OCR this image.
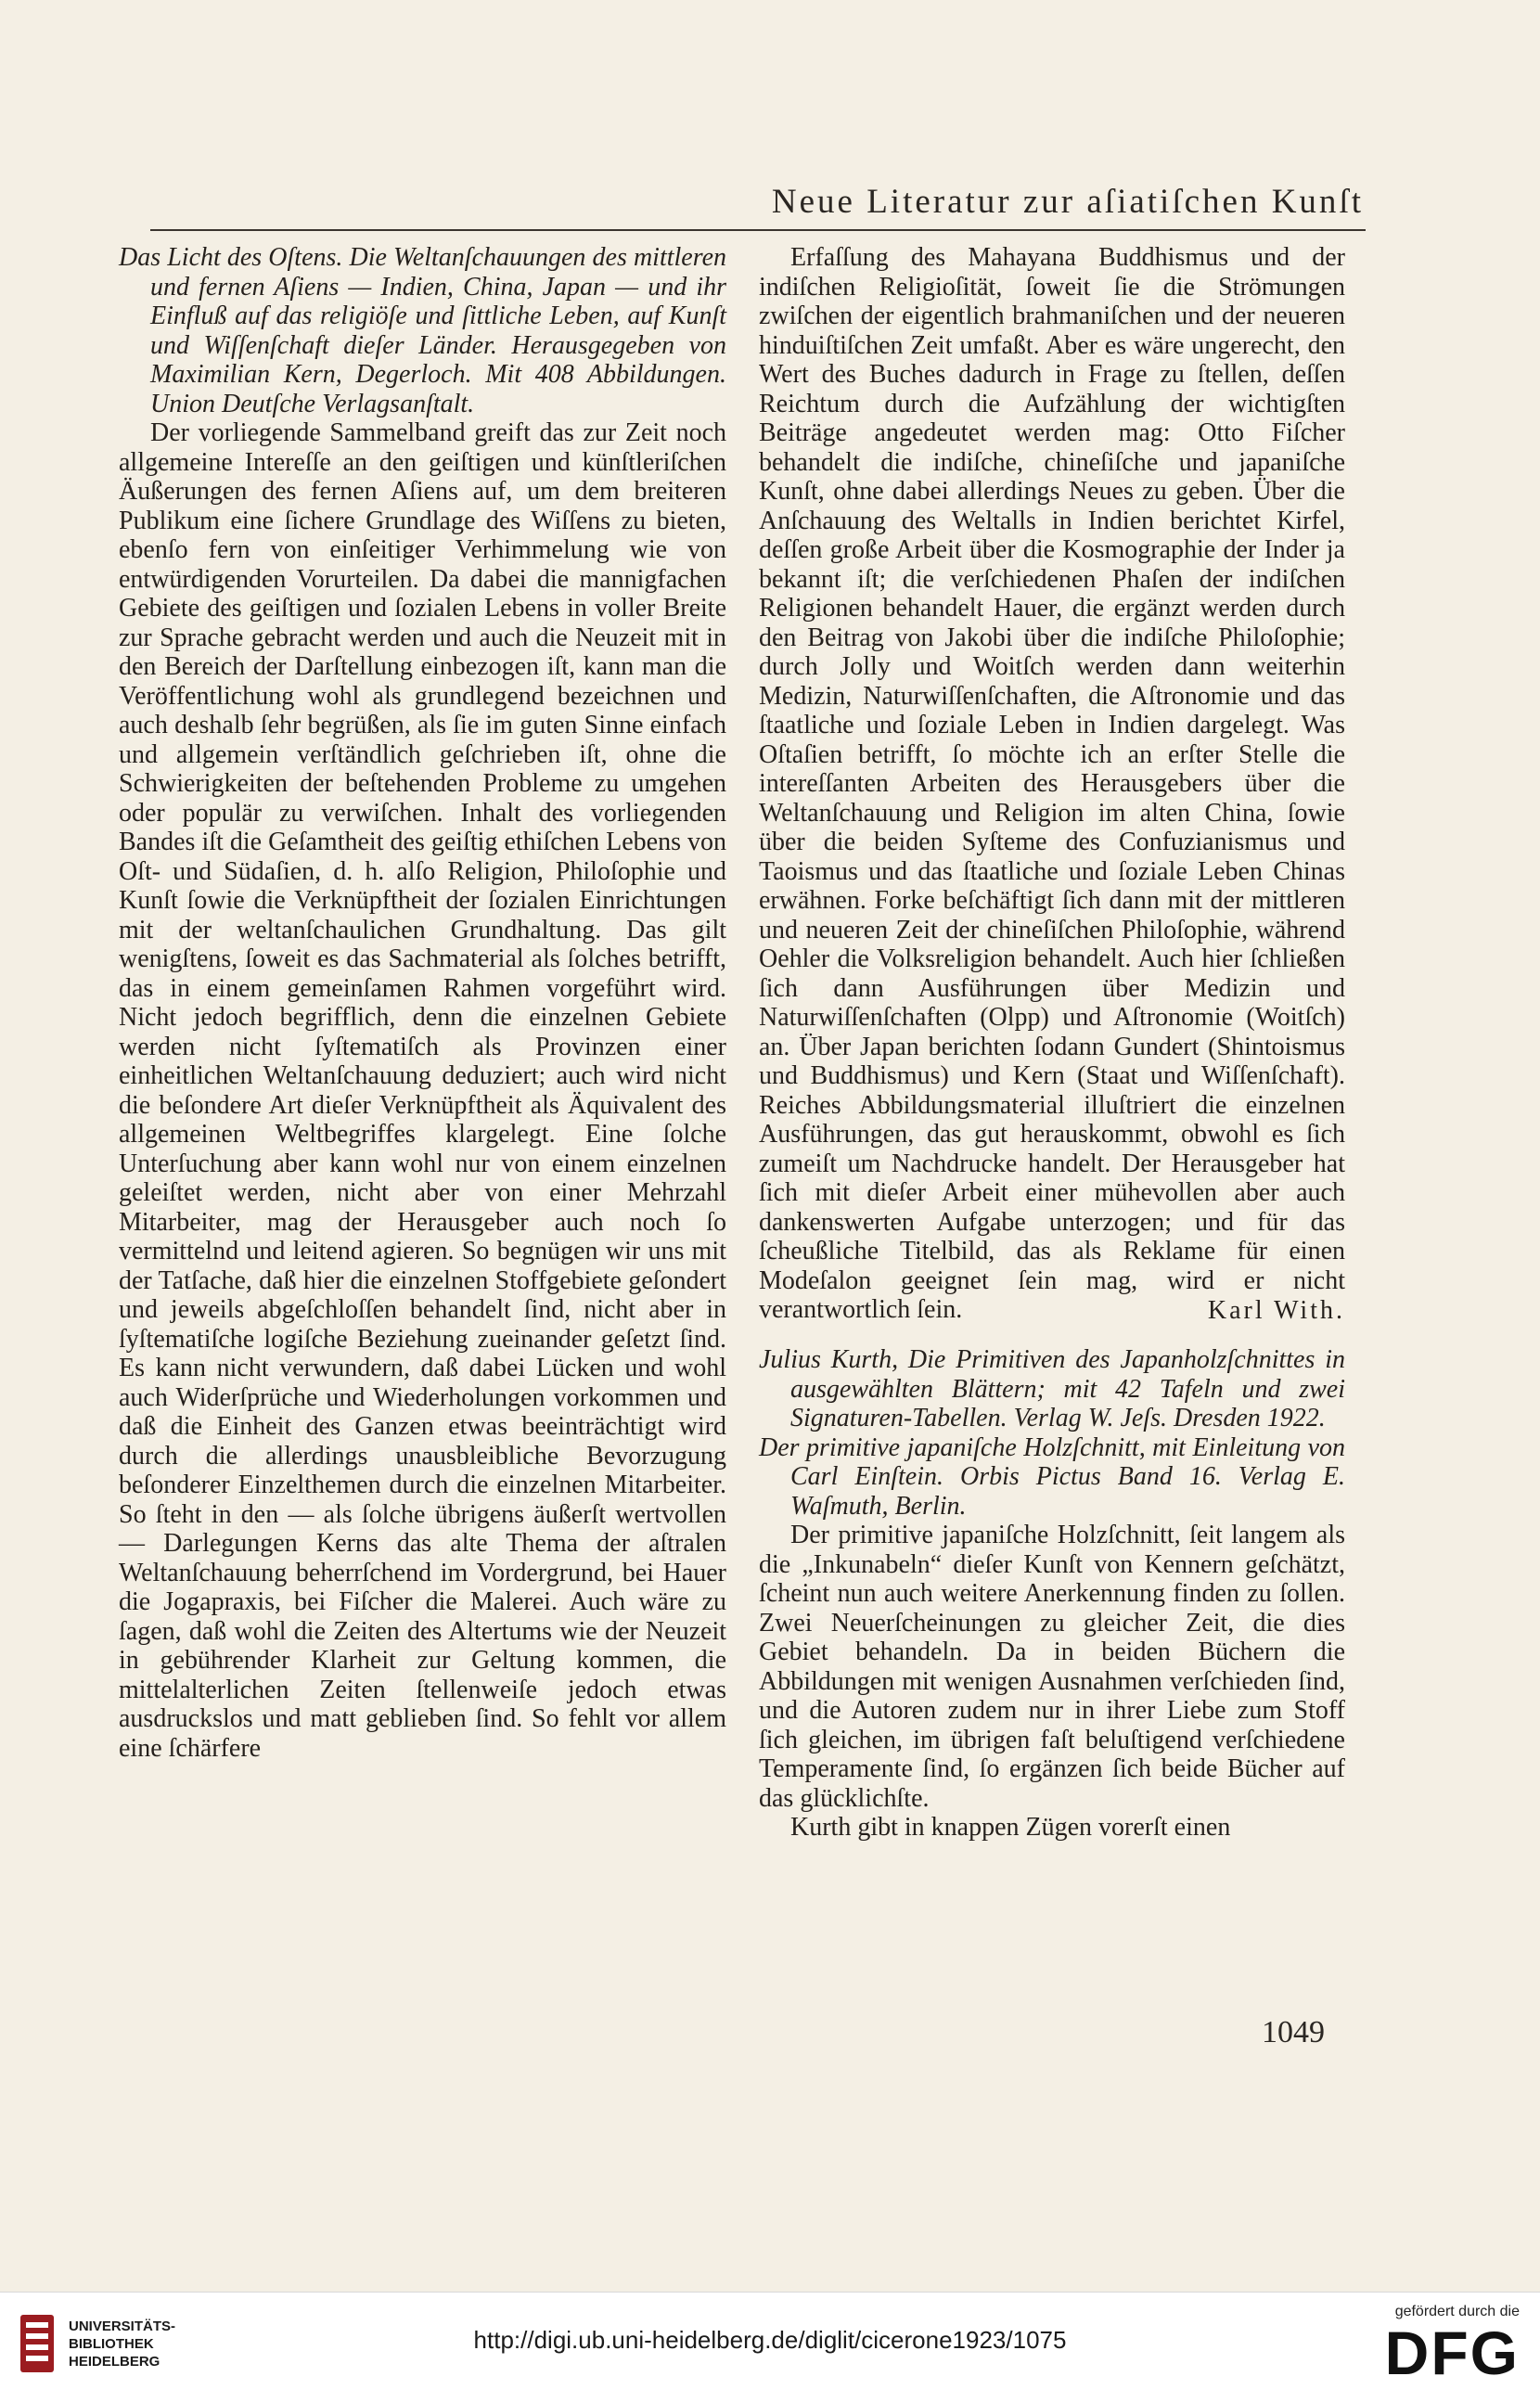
Neue Literatur zur aſiatiſchen Kunſt

Das Licht des Oſtens. Die Weltanſchauungen des mittleren und fernen Aſiens — Indien, China, Japan — und ihr Einfluß auf das religiöſe und ſittliche Leben, auf Kunſt und Wiſſenſchaft dieſer Länder. Herausgegeben von Maximilian Kern, Degerloch. Mit 408 Abbildungen. Union Deutſche Verlagsanſtalt.

Der vorliegende Sammelband greift das zur Zeit noch allgemeine Intereſſe an den geiſtigen und künſtleriſchen Äußerungen des fernen Aſiens auf, um dem breiteren Publikum eine ſichere Grundlage des Wiſſens zu bieten, ebenſo fern von einſeitiger Verhimmelung wie von entwürdigenden Vorurteilen. Da dabei die mannigfachen Gebiete des geiſtigen und ſozialen Lebens in voller Breite zur Sprache gebracht werden und auch die Neuzeit mit in den Bereich der Darſtellung einbezogen iſt, kann man die Veröffentlichung wohl als grundlegend bezeichnen und auch deshalb ſehr begrüßen, als ſie im guten Sinne einfach und allgemein verſtändlich geſchrieben iſt, ohne die Schwierigkeiten der beſtehenden Probleme zu umgehen oder populär zu verwiſchen. Inhalt des vorliegenden Bandes iſt die Geſamtheit des geiſtig ethiſchen Lebens von Oſt- und Südaſien, d. h. alſo Religion, Philoſophie und Kunſt ſowie die Verknüpftheit der ſozialen Einrichtungen mit der weltanſchaulichen Grundhaltung. Das gilt wenigſtens, ſoweit es das Sachmaterial als ſolches betrifft, das in einem gemeinſamen Rahmen vorgeführt wird. Nicht jedoch begrifflich, denn die einzelnen Gebiete werden nicht ſyſtematiſch als Provinzen einer einheitlichen Weltanſchauung deduziert; auch wird nicht die beſondere Art dieſer Verknüpftheit als Äquivalent des allgemeinen Weltbegriffes klargelegt. Eine ſolche Unterſuchung aber kann wohl nur von einem einzelnen geleiſtet werden, nicht aber von einer Mehrzahl Mitarbeiter, mag der Herausgeber auch noch ſo vermittelnd und leitend agieren. So begnügen wir uns mit der Tatſache, daß hier die einzelnen Stoffgebiete geſondert und jeweils abgeſchloſſen behandelt ſind, nicht aber in ſyſtematiſche logiſche Beziehung zueinander geſetzt ſind. Es kann nicht verwundern, daß dabei Lücken und wohl auch Widerſprüche und Wiederholungen vorkommen und daß die Einheit des Ganzen etwas beeinträchtigt wird durch die allerdings unausbleibliche Bevorzugung beſonderer Einzelthemen durch die einzelnen Mitarbeiter. So ſteht in den — als ſolche übrigens äußerſt wertvollen — Darlegungen Kerns das alte Thema der aſtralen Weltanſchauung beherrſchend im Vordergrund, bei Hauer die Jogapraxis, bei Fiſcher die Malerei. Auch wäre zu ſagen, daß wohl die Zeiten des Altertums wie der Neuzeit in gebührender Klarheit zur Geltung kommen, die mittelalterlichen Zeiten ſtellenweiſe jedoch etwas ausdruckslos und matt geblieben ſind. So fehlt vor allem eine ſchärfere

Erfaſſung des Mahayana Buddhismus und der indiſchen Religioſität, ſoweit ſie die Strömungen zwiſchen der eigentlich brahmaniſchen und der neueren hinduiſtiſchen Zeit umfaßt. Aber es wäre ungerecht, den Wert des Buches dadurch in Frage zu ſtellen, deſſen Reichtum durch die Aufzählung der wichtigſten Beiträge angedeutet werden mag: Otto Fiſcher behandelt die indiſche, chineſiſche und japaniſche Kunſt, ohne dabei allerdings Neues zu geben. Über die Anſchauung des Weltalls in Indien berichtet Kirfel, deſſen große Arbeit über die Kosmographie der Inder ja bekannt iſt; die verſchiedenen Phaſen der indiſchen Religionen behandelt Hauer, die ergänzt werden durch den Beitrag von Jakobi über die indiſche Philoſophie; durch Jolly und Woitſch werden dann weiterhin Medizin, Naturwiſſenſchaften, die Aſtronomie und das ſtaatliche und ſoziale Leben in Indien dargelegt. Was Oſtaſien betrifft, ſo möchte ich an erſter Stelle die intereſſanten Arbeiten des Herausgebers über die Weltanſchauung und Religion im alten China, ſowie über die beiden Syſteme des Confuzianismus und Taoismus und das ſtaatliche und ſoziale Leben Chinas erwähnen. Forke beſchäftigt ſich dann mit der mittleren und neueren Zeit der chineſiſchen Philoſophie, während Oehler die Volksreligion behandelt. Auch hier ſchließen ſich dann Ausführungen über Medizin und Naturwiſſenſchaften (Olpp) und Aſtronomie (Woitſch) an. Über Japan berichten ſodann Gundert (Shintoismus und Buddhismus) und Kern (Staat und Wiſſenſchaft). Reiches Abbildungsmaterial illuſtriert die einzelnen Ausführungen, das gut herauskommt, obwohl es ſich zumeiſt um Nachdrucke handelt. Der Herausgeber hat ſich mit dieſer Arbeit einer mühevollen aber auch dankenswerten Aufgabe unterzogen; und für das ſcheußliche Titelbild, das als Reklame für einen Modeſalon geeignet ſein mag, wird er nicht verantwortlich ſein.	Karl With.

Julius Kurth, Die Primitiven des Japanholzſchnittes in ausgewählten Blättern; mit 42 Tafeln und zwei Signaturen-Tabellen. Verlag W. Jeſs. Dresden 1922.

Der primitive japaniſche Holzſchnitt, mit Einleitung von Carl Einſtein. Orbis Pictus Band 16. Verlag E. Waſmuth, Berlin.

Der primitive japaniſche Holzſchnitt, ſeit langem als die „Inkunabeln“ dieſer Kunſt von Kennern geſchätzt, ſcheint nun auch weitere Anerkennung finden zu ſollen. Zwei Neuerſcheinungen zu gleicher Zeit, die dies Gebiet behandeln. Da in beiden Büchern die Abbildungen mit wenigen Ausnahmen verſchieden ſind, und die Autoren zudem nur in ihrer Liebe zum Stoff ſich gleichen, im übrigen faſt beluſtigend verſchiedene Temperamente ſind, ſo ergänzen ſich beide Bücher auf das glücklichſte.

Kurth gibt in knappen Zügen vorerſt einen

1049
UNIVERSITÄTS-
BIBLIOTHEK
HEIDELBERG
http://digi.ub.uni-heidelberg.de/diglit/cicerone1923/1075
gefördert durch die
DFG
